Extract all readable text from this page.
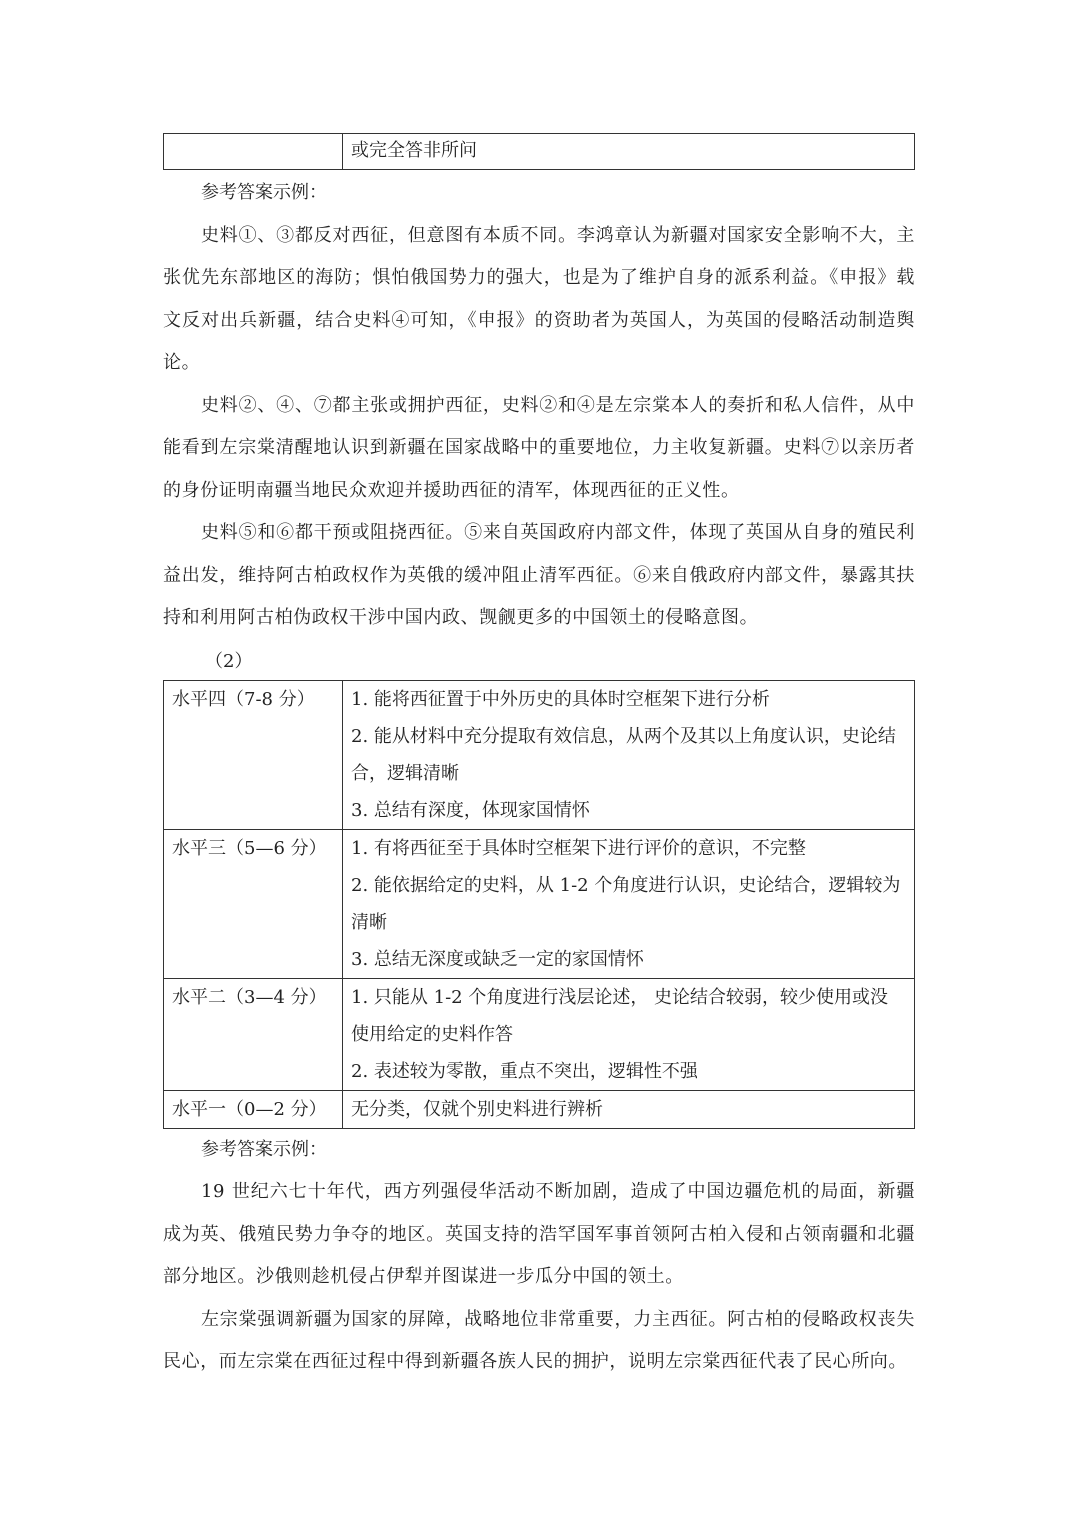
	或完全答非所问

参考答案示例：

史料①、③都反对西征，但意图有本质不同。李鸿章认为新疆对国家安全影响不大，主张优先东部地区的海防；惧怕俄国势力的强大，也是为了维护自身的派系利益。《申报》载文反对出兵新疆，结合史料④可知，《申报》的资助者为英国人，为英国的侵略活动制造舆论。

史料②、④、⑦都主张或拥护西征，史料②和④是左宗棠本人的奏折和私人信件，从中能看到左宗棠清醒地认识到新疆在国家战略中的重要地位，力主收复新疆。史料⑦以亲历者的身份证明南疆当地民众欢迎并援助西征的清军，体现西征的正义性。

史料⑤和⑥都干预或阻挠西征。⑤来自英国政府内部文件，体现了英国从自身的殖民利益出发，维持阿古柏政权作为英俄的缓冲阻止清军西征。⑥来自俄政府内部文件，暴露其扶持和利用阿古柏伪政权干涉中国内政、觊觎更多的中国领土的侵略意图。

（2）

水平四（7-8 分）	1. 能将西征置于中外历史的具体时空框架下进行分析
2. 能从材料中充分提取有效信息，从两个及其以上角度认识，史论结合，逻辑清晰
3. 总结有深度，体现家国情怀

水平三（5—6 分）	1. 有将西征至于具体时空框架下进行评价的意识，不完整
2. 能依据给定的史料，从 1-2 个角度进行认识，史论结合，逻辑较为清晰
3. 总结无深度或缺乏一定的家国情怀

水平二（3—4 分）	1. 只能从 1-2 个角度进行浅层论述， 史论结合较弱，较少使用或没使用给定的史料作答
2. 表述较为零散，重点不突出，逻辑性不强

水平一（0—2 分）	无分类，仅就个别史料进行辨析

参考答案示例：

19 世纪六七十年代，西方列强侵华活动不断加剧，造成了中国边疆危机的局面，新疆成为英、俄殖民势力争夺的地区。英国支持的浩罕国军事首领阿古柏入侵和占领南疆和北疆部分地区。沙俄则趁机侵占伊犁并图谋进一步瓜分中国的领土。

左宗棠强调新疆为国家的屏障，战略地位非常重要，力主西征。阿古柏的侵略政权丧失民心，而左宗棠在西征过程中得到新疆各族人民的拥护，说明左宗棠西征代表了民心所向。
